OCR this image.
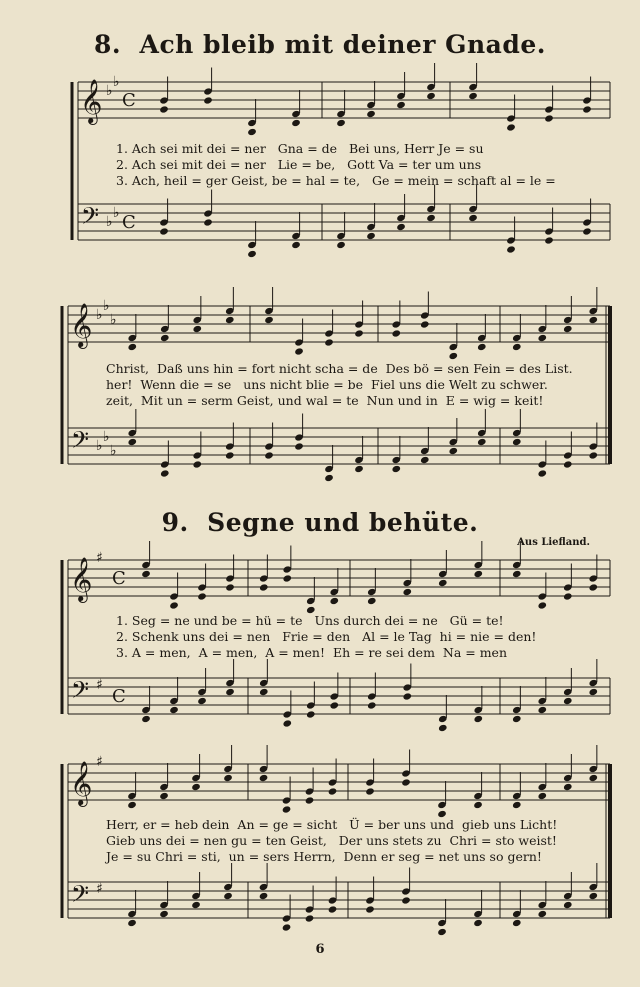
8. Ach bleib mit deiner Gnade.
9. Segne und behüte.
Aus Liefland.
1. Ach sei mit dei = ner   Gna = de   Bei uns, Herr Je = su
2. Ach sei mit dei = ner   Lie = be,   Gott Va = ter um uns
3. Ach, heil = ger Geist, be = hal = te,   Ge = mein = schaft al = le =
Christ,  Daß uns hin = fort nicht scha = de  Des bö = sen Fein = des List.
her!  Wenn die = se   uns nicht blie = be  Fiel uns die Welt zu schwer.
zeit,  Mit un = serm Geist, und wal = te  Nun und in  E = wig = keit!
1. Seg = ne und be = hü = te   Uns durch dei = ne   Gü = te!
2. Schenk uns dei = nen   Frie = den   Al = le Tag  hi = nie = den!
3. A = men,  A = men,  A = men!  Eh = re sei dem  Na = men
Herr, er = heb dein  An = ge = sicht   Ü = ber uns und  gieb uns Licht!
Gieb uns dei = nen gu = ten Geist,   Der uns stets zu  Chri = sto weist!
Je = su Chri = sti,  un = sers Herrn,  Denn er seg = net uns so gern!
6
𝄞
𝄢
♭
♭
♭
♭
C
C
𝄞
𝄢
♭
♭
♭
♭
♭
♭
𝄞
𝄢
♯
♯
C
C
𝄞
𝄢
♯
♯
